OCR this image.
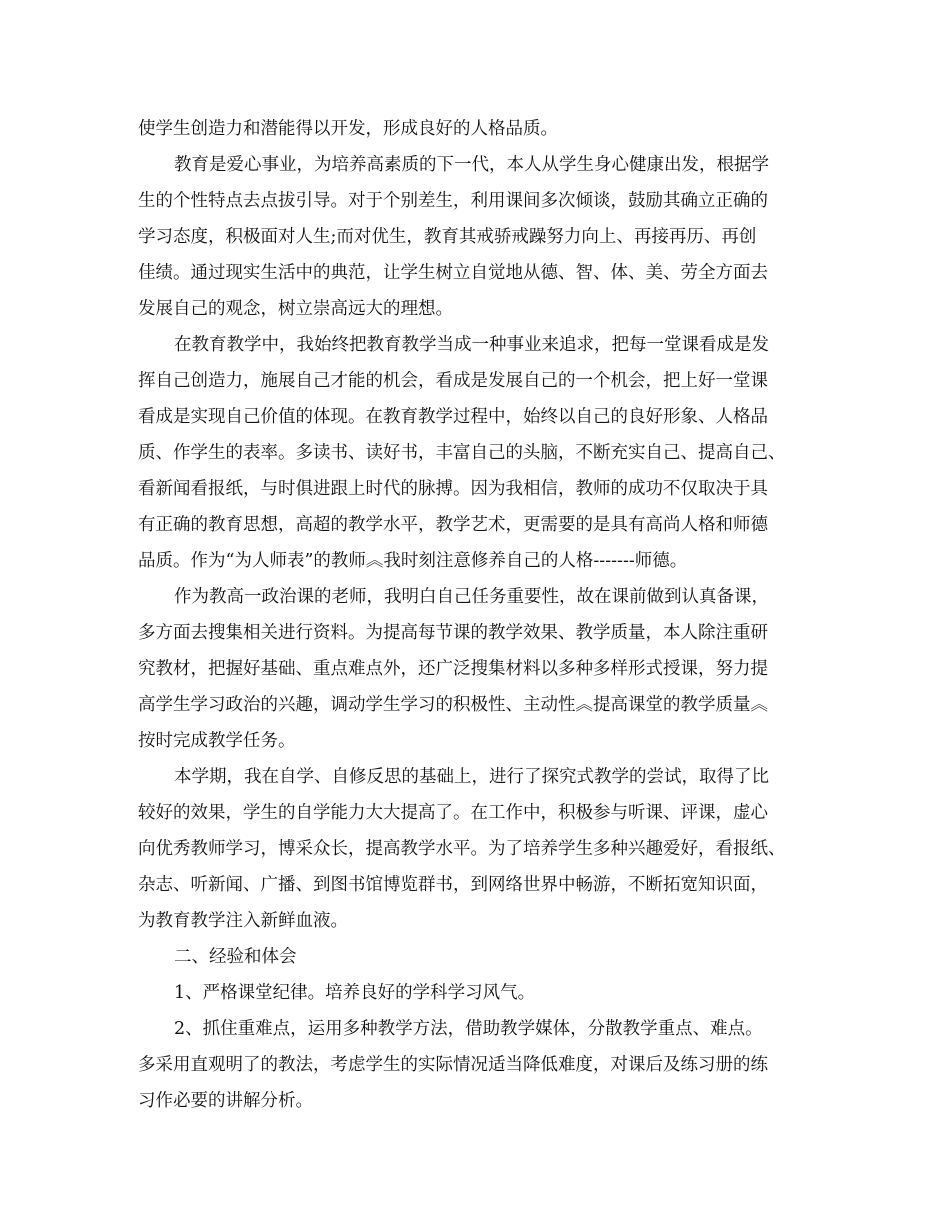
使学生创造力和潜能得以开发，形成良好的人格品质。
教育是爱心事业，为培养高素质的下一代，本人从学生身心健康出发，根据学
生的个性特点去点拔引导。对于个别差生，利用课间多次倾谈，鼓励其确立正确的
学习态度，积极面对人生;而对优生，教育其戒骄戒躁努力向上、再接再历、再创
佳绩。通过现实生活中的典范，让学生树立自觉地从德、智、体、美、劳全方面去
发展自己的观念，树立崇高远大的理想。
在教育教学中，我始终把教育教学当成一种事业来追求，把每一堂课看成是发
挥自己创造力，施展自己才能的机会，看成是发展自己的一个机会，把上好一堂课
看成是实现自己价值的体现。在教育教学过程中，始终以自己的良好形象、人格品
质、作学生的表率。多读书、读好书，丰富自己的头脑，不断充实自己、提高自己、
看新闻看报纸，与时俱进跟上时代的脉搏。因为我相信，教师的成功不仅取决于具
有正确的教育思想，高超的教学水平，教学艺术，更需要的是具有高尚人格和师德
品质。作为“为人师表”的教师︽我时刻注意修养自己的人格-------师德。
作为教高一政治课的老师，我明白自己任务重要性，故在课前做到认真备课，
多方面去搜集相关进行资料。为提高每节课的教学效果、教学质量，本人除注重研
究教材，把握好基础、重点难点外，还广泛搜集材料以多种多样形式授课，努力提
高学生学习政治的兴趣，调动学生学习的积极性、主动性︽提高课堂的教学质量︽
按时完成教学任务。
本学期，我在自学、自修反思的基础上，进行了探究式教学的尝试，取得了比
较好的效果，学生的自学能力大大提高了。在工作中，积极参与听课、评课，虚心
向优秀教师学习，博采众长，提高教学水平。为了培养学生多种兴趣爱好，看报纸、
杂志、听新闻、广播、到图书馆博览群书，到网络世界中畅游，不断拓宽知识面，
为教育教学注入新鲜血液。
二、经验和体会
1、严格课堂纪律。培养良好的学科学习风气。
2、抓住重难点，运用多种教学方法，借助教学媒体，分散教学重点、难点。
多采用直观明了的教法，考虑学生的实际情况适当降低难度，对课后及练习册的练
习作必要的讲解分析。
